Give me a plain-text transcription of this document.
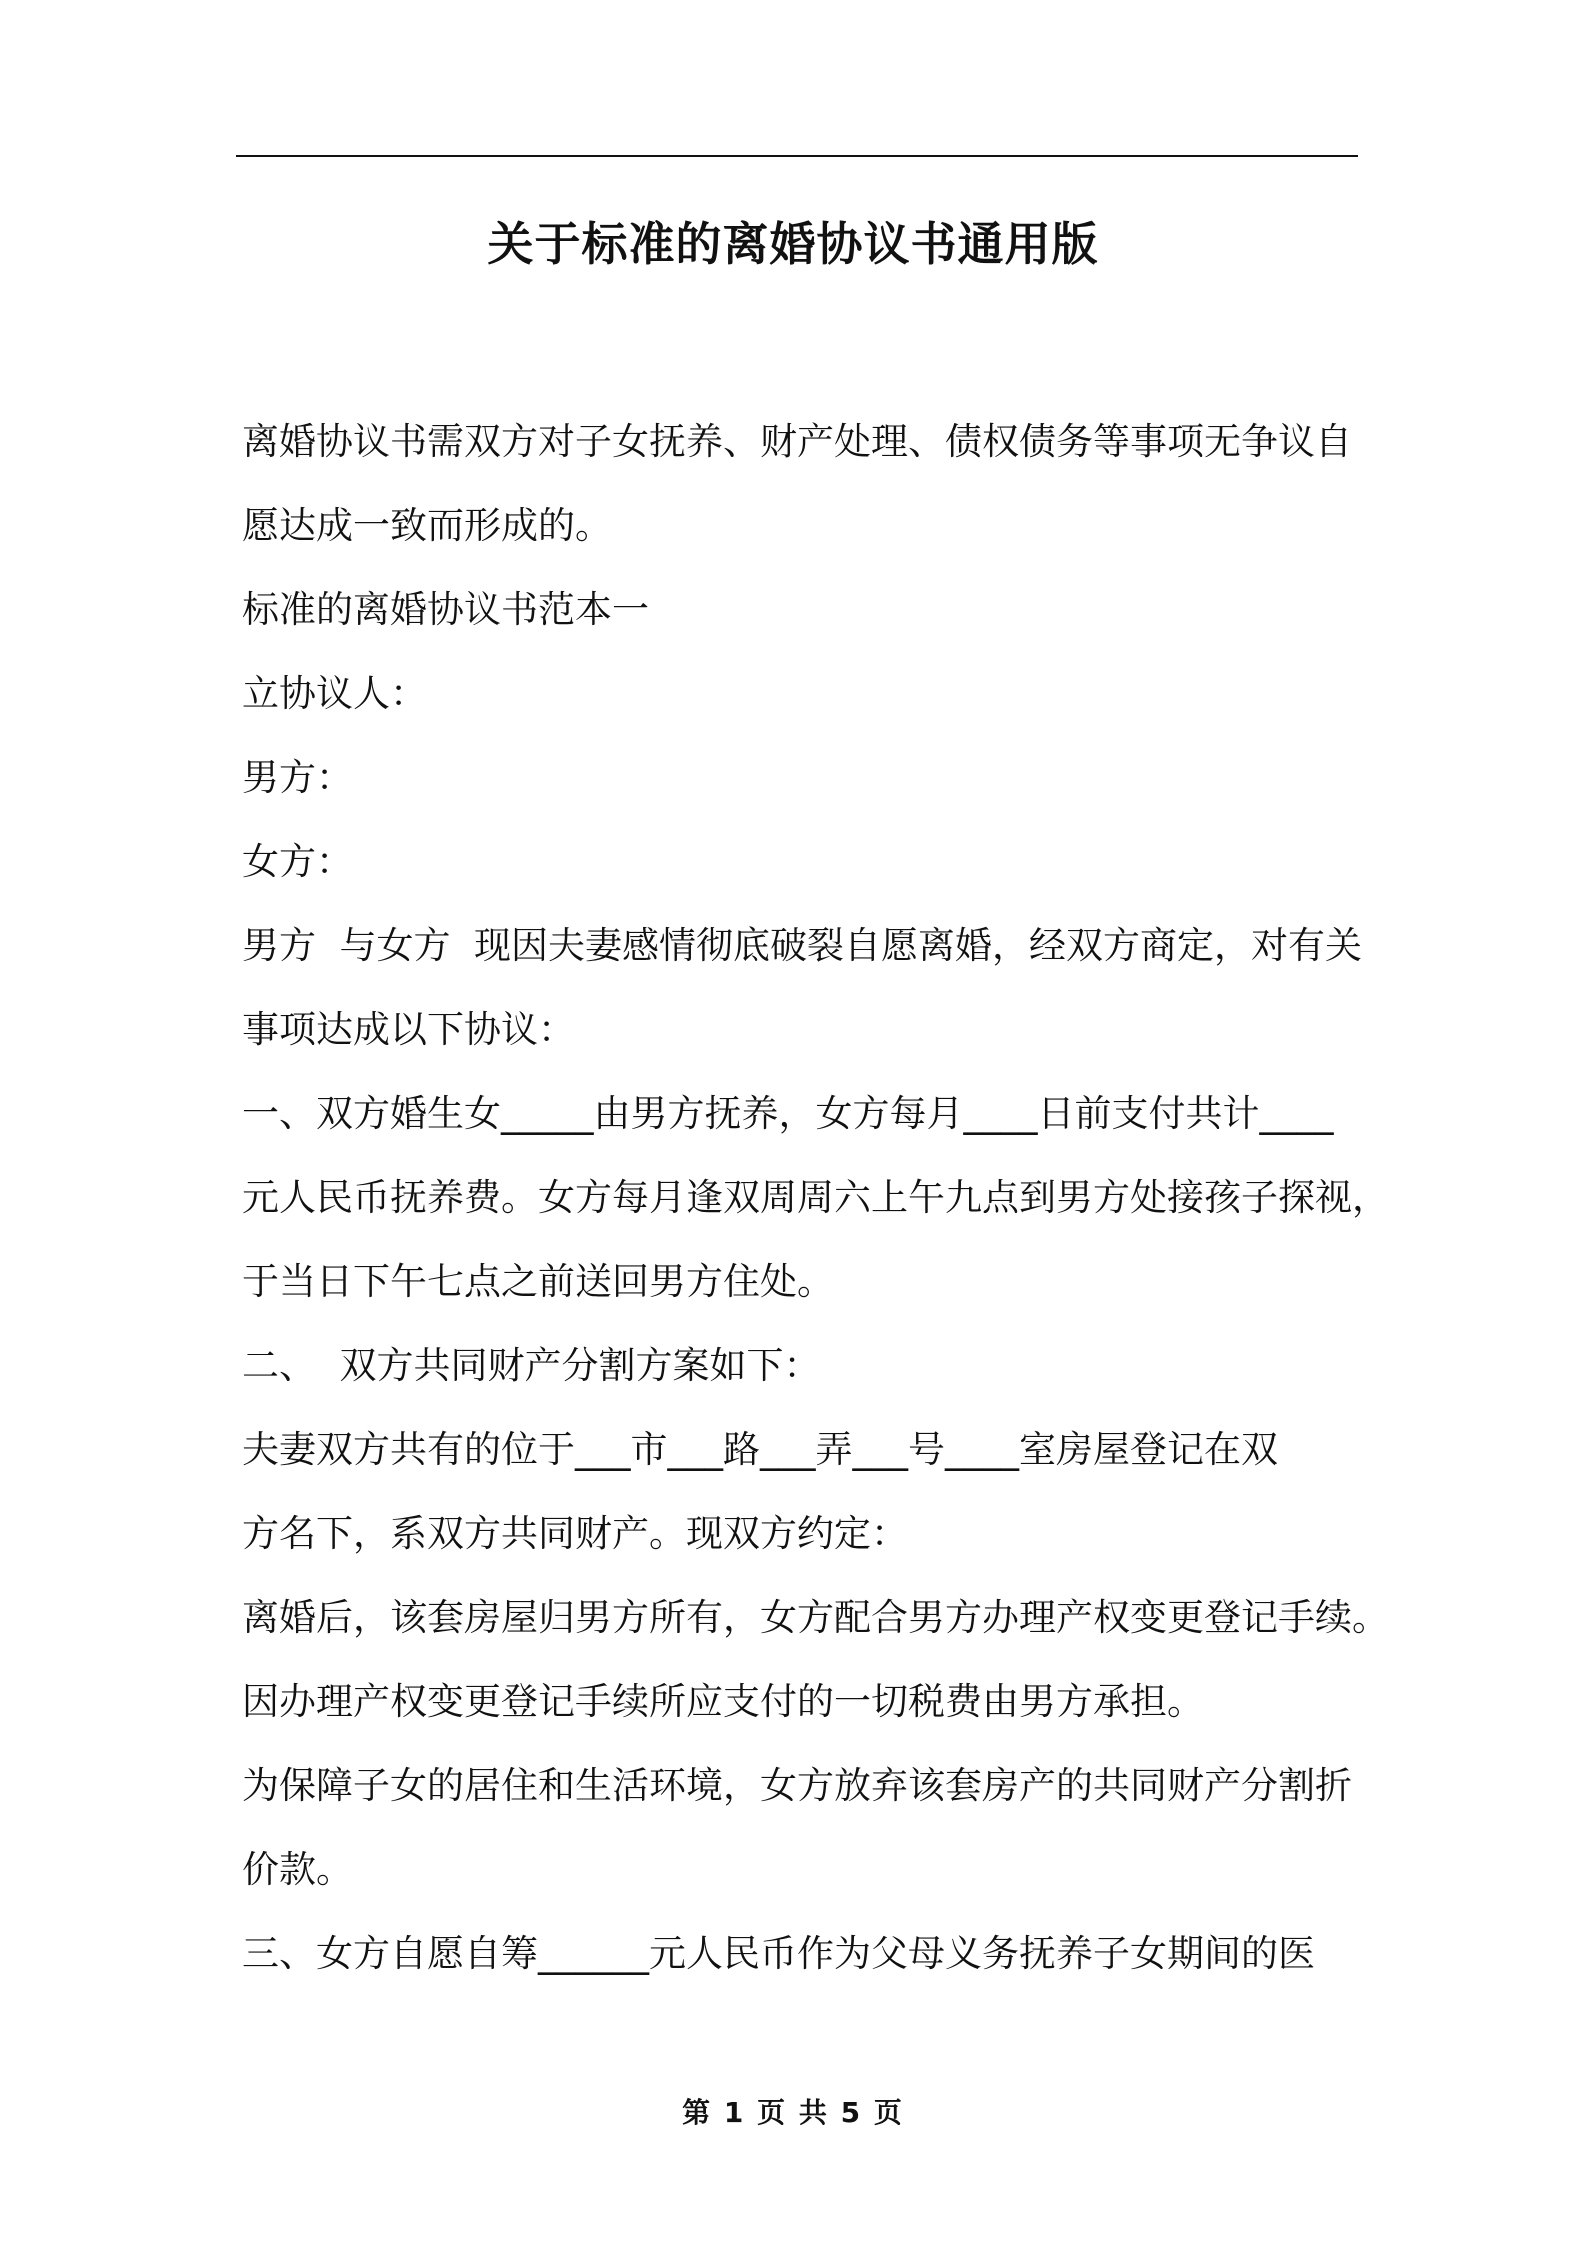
关于标准的离婚协议书通用版

离婚协议书需双方对子女抚养、财产处理、债权债务等事项无争议自

愿达成一致而形成的。

标准的离婚协议书范本一

立协议人：

男方：

女方：

男方  与女方  现因夫妻感情彻底破裂自愿离婚，经双方商定，对有关

事项达成以下协议：

一、双方婚生女_____由男方抚养，女方每月____日前支付共计____

元人民币抚养费。女方每月逢双周周六上午九点到男方处接孩子探视，

于当日下午七点之前送回男方住处。

二、  双方共同财产分割方案如下：

夫妻双方共有的位于___市___路___弄___号____室房屋登记在双

方名下，系双方共同财产。现双方约定：

离婚后，该套房屋归男方所有，女方配合男方办理产权变更登记手续。

因办理产权变更登记手续所应支付的一切税费由男方承担。

为保障子女的居住和生活环境，女方放弃该套房产的共同财产分割折

价款。

三、女方自愿自筹______元人民币作为父母义务抚养子女期间的医

第 1 页 共 5 页
